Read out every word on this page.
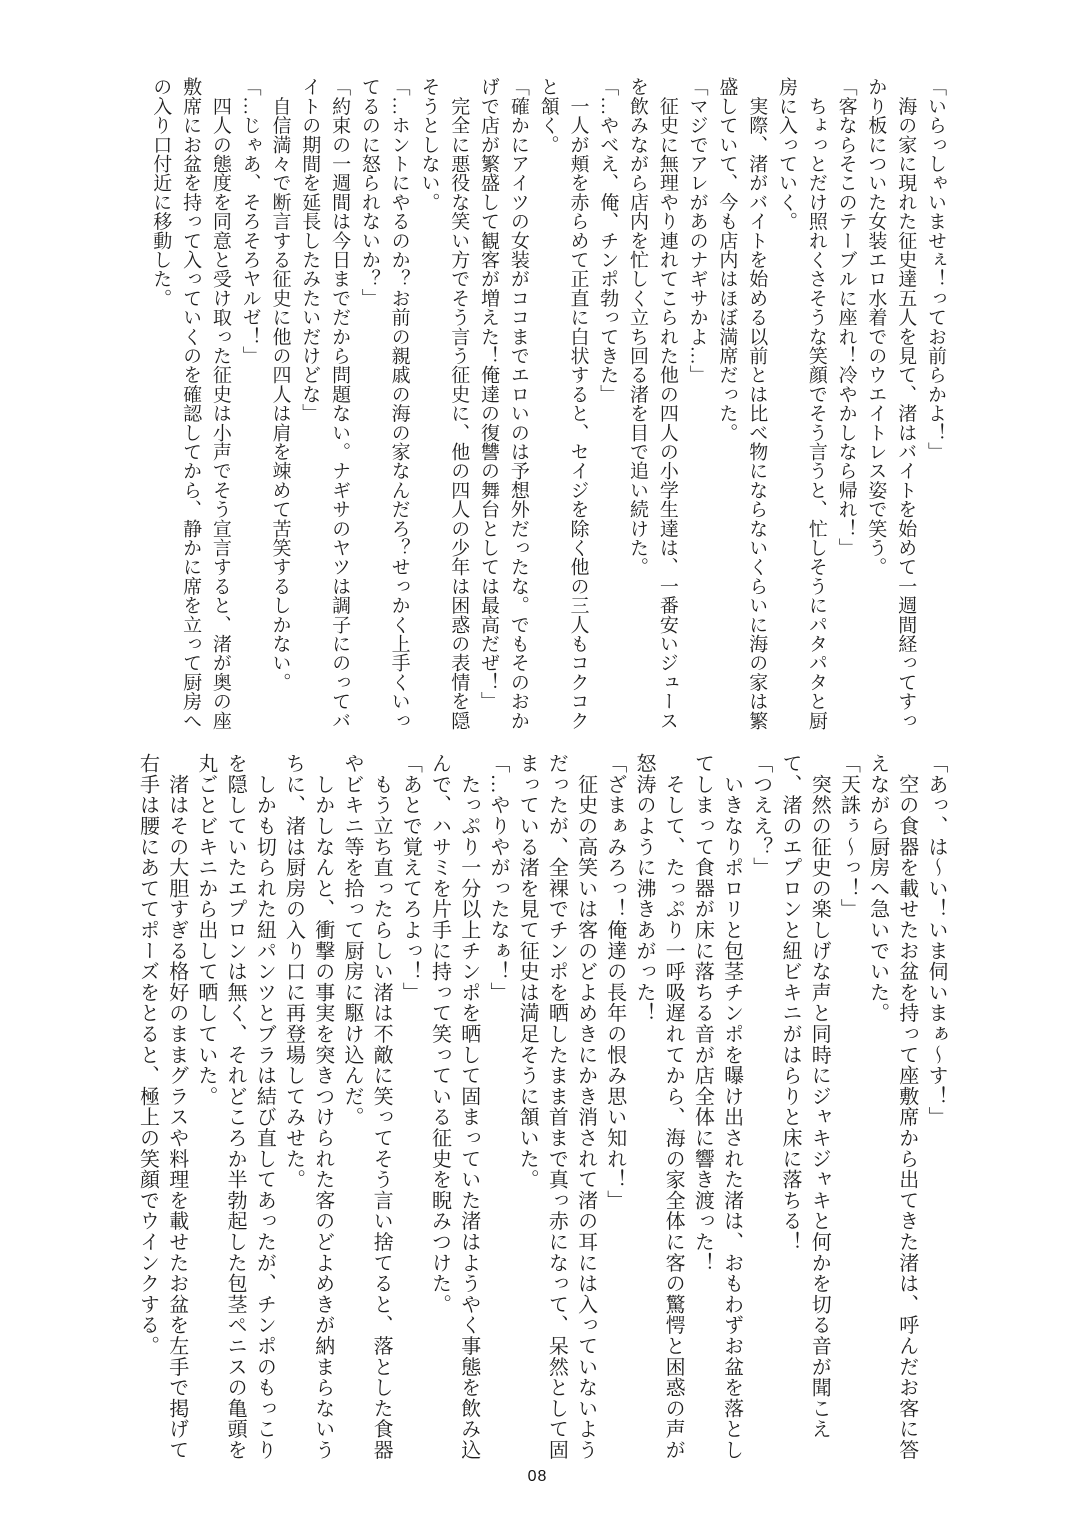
「いらっしゃいませぇ！ってお前らかよ！」
　海の家に現れた征史達五人を見て、渚はバイトを始めて一週間経ってすっ
かり板についた女装エロ水着でのウエイトレス姿で笑う。
「客ならそこのテーブルに座れ！冷やかしなら帰れ！」
　ちょっとだけ照れくさそうな笑顔でそう言うと、忙しそうにパタパタと厨
房に入っていく。
　実際、渚がバイトを始める以前とは比べ物にならないくらいに海の家は繁
盛していて、今も店内はほぼ満席だった。
「マジでアレがあのナギサかよ…」
　征史に無理やり連れてこられた他の四人の小学生達は、一番安いジュース
を飲みながら店内を忙しく立ち回る渚を目で追い続けた。
「…やべえ、俺、チンポ勃ってきた」
　一人が頬を赤らめて正直に白状すると、セイジを除く他の三人もコクコク
と頷く。
「確かにアイツの女装がココまでエロいのは予想外だったな。でもそのおか
げで店が繁盛して観客が増えた！俺達の復讐の舞台としては最高だぜ！」
　完全に悪役な笑い方でそう言う征史に、他の四人の少年は困惑の表情を隠
そうとしない。
「…ホントにやるのか？お前の親戚の海の家なんだろ？せっかく上手くいっ
てるのに怒られないか？」
「約束の一週間は今日までだから問題ない。ナギサのヤツは調子にのってバ
イトの期間を延長したみたいだけどな」
　自信満々で断言する征史に他の四人は肩を竦めて苦笑するしかない。
「…じゃあ、そろそろヤルゼ！」
　四人の態度を同意と受け取った征史は小声でそう宣言すると、渚が奥の座
敷席にお盆を持って入っていくのを確認してから、静かに席を立って厨房へ
の入り口付近に移動した。
「あっ、は〜い！いま伺いまぁ〜す！」
　空の食器を載せたお盆を持って座敷席から出てきた渚は、呼んだお客に答
えながら厨房へ急いでいた。
「天誅ぅ〜っ！」
　突然の征史の楽しげな声と同時にジャキジャキと何かを切る音が聞こえ
て、渚のエプロンと紐ビキニがはらりと床に落ちる！
「つええ？」
　いきなりポロリと包茎チンポを曝け出された渚は、おもわずお盆を落とし
てしまって食器が床に落ちる音が店全体に響き渡った！
　そして、たっぷり一呼吸遅れてから、海の家全体に客の驚愕と困惑の声が
怒涛のように沸きあがった！
「ざまぁみろっ！俺達の長年の恨み思い知れ！」
　征史の高笑いは客のどよめきにかき消されて渚の耳には入っていないよう
だったが、全裸でチンポを晒したまま首まで真っ赤になって、呆然として固
まっている渚を見て征史は満足そうに頷いた。
「…やりやがったなぁ！」
　たっぷり一分以上チンポを晒して固まっていた渚はようやく事態を飲み込
んで、ハサミを片手に持って笑っている征史を睨みつけた。
「あとで覚えてろよっ！」
　もう立ち直ったらしい渚は不敵に笑ってそう言い捨てると、落とした食器
やビキニ等を拾って厨房に駆け込んだ。
　しかしなんと、衝撃の事実を突きつけられた客のどよめきが納まらないう
ちに、渚は厨房の入り口に再登場してみせた。
　しかも切られた紐パンツとブラは結び直してあったが、チンポのもっこり
を隠していたエプロンは無く、それどころか半勃起した包茎ペニスの亀頭を
丸ごとビキニから出して晒していた。
　渚はその大胆すぎる格好のままグラスや料理を載せたお盆を左手で掲げて
右手は腰にあててポーズをとると、極上の笑顔でウインクする。
08
